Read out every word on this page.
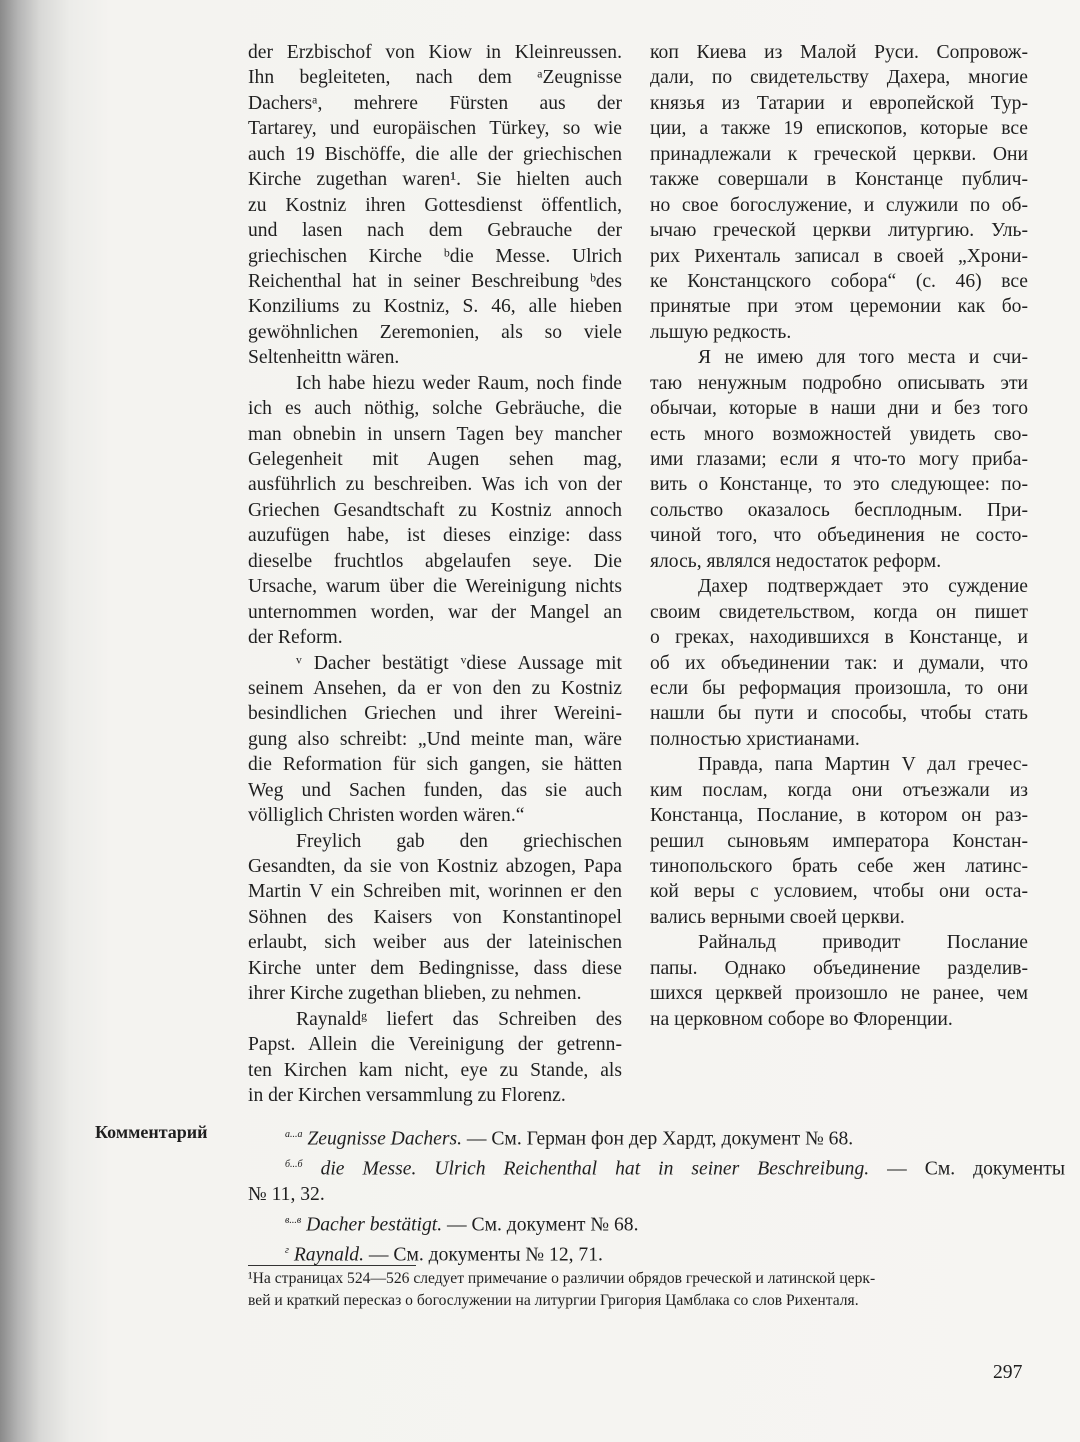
der Erzbischof von Kiow in Kleinreussen.
Ihn begleiteten, nach dem ᵃZeugnisse
Dachersᵃ, mehrere Fürsten aus der
Tartarey, und europäischen Türkey, so wie
auch 19 Bischöffe, die alle der griechischen
Kirche zugethan waren¹. Sie hielten auch
zu Kostniz ihren Gottesdienst öffentlich,
und lasen nach dem Gebrauche der
griechischen Kirche ᵇdie Messe. Ulrich
Reichenthal hat in seiner Beschreibung ᵇdes
Konziliums zu Kostniz, S. 46, alle hieben
gewöhnlichen Zeremonien, als so viele
Seltenheittn wären.
Ich habe hiezu weder Raum, noch finde
ich es auch nöthig, solche Gebräuche, die
man obnebin in unsern Tagen bey mancher
Gelegenheit mit Augen sehen mag,
ausführlich zu beschreiben. Was ich von der
Griechen Gesandtschaft zu Kostniz annoch
auzufügen habe, ist dieses einzige: dass
dieselbe fruchtlos abgelaufen seye. Die
Ursache, warum über die Wereinigung nichts
unternommen worden, war der Mangel an
der Reform.
ᵛ Dacher bestätigt ᵛdiese Aussage mit
seinem Ansehen, da er von den zu Kostniz
besindlichen Griechen und ihrer Wereini-
gung also schreibt: „Und meinte man, wäre
die Reformation für sich gangen, sie hätten
Weg und Sachen funden, das sie auch
völliglich Christen worden wären.“
Freylich gab den griechischen
Gesandten, da sie von Kostniz abzogen, Papa
Martin V ein Schreiben mit, worinnen er den
Söhnen des Kaisers von Konstantinopel
erlaubt, sich weiber aus der lateinischen
Kirche unter dem Bedingnisse, dass diese
ihrer Kirche zugethan blieben, zu nehmen.
Raynaldᵍ liefert das Schreiben des
Papst. Allein die Vereinigung der getrenn-
ten Kirchen kam nicht, eye zu Stande, als
in der Kirchen versammlung zu Florenz.
коп Киева из Малой Руси. Сопровож-
дали, по свидетельству Дахера, многие
князья из Татарии и европейской Тур-
ции, а также 19 епископов, которые все
принадлежали к греческой церкви. Они
также совершали в Констанце публич-
но свое богослужение, и служили по об-
ычаю греческой церкви литургию. Уль-
рих Рихенталь записал в своей „Хрони-
ке Констанцского собора“ (с. 46) все
принятые при этом церемонии как бо-
льшую редкость.
Я не имею для того места и счи-
таю ненужным подробно описывать эти
обычаи, которые в наши дни и без того
есть много возможностей увидеть сво-
ими глазами; если я что-то могу приба-
вить о Констанце, то это следующее: по-
сольство оказалось бесплодным. При-
чиной того, что объединения не состо-
ялось, являлся недостаток реформ.
Дахер подтверждает это суждение
своим свидетельством, когда он пишет
о греках, находившихся в Констанце, и
об их объединении так: и думали, что
если бы реформация произошла, то они
нашли бы пути и способы, чтобы стать
полностью христианами.
Правда, папа Мартин V дал гречес-
ким послам, когда они отъезжали из
Констанца, Послание, в котором он раз-
решил сыновьям императора Констан-
тинопольского брать себе жен латинс-
кой веры с условием, чтобы они оста-
вались верными своей церкви.
Райнальд приводит Послание
папы. Однако объединение разделив-
шихся церквей произошло не ранее, чем
на церковном соборе во Флоренции.
Комментарий	$^{а...а}$ Zeugnisse Dachers. — См. Герман фон дер Хардт, документ № 68.
$^{б...б}$ die Messe. Ulrich Reichenthal hat in seiner Beschreibung. — См. документы
№ 11, 32.
$^{в...в}$ Dacher bestätigt. — См. документ № 68.
$^г$ Raynald. — См. документы № 12, 71.
¹На страницах 524—526 следует примечание о различии обрядов греческой и латинской церк-
вей и краткий пересказ о богослужении на литургии Григория Цамблака со слов Рихенталя.
297
